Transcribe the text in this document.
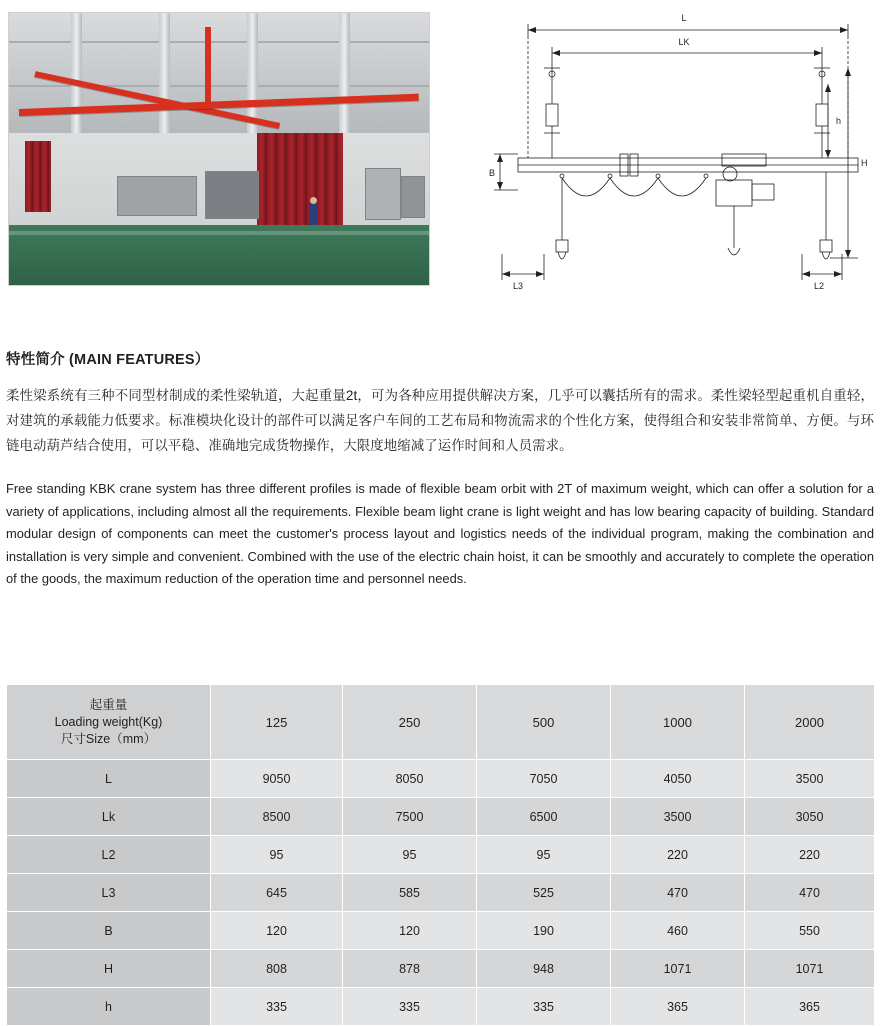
L
LK
H
h
B
L3	L2
特性简介 (MAIN FEATURES）

柔性梁系统有三种不同型材制成的柔性梁轨道，大起重量2t，可为各种应用提供解决方案，几乎可以囊括所有的需求。柔性梁轻型起重机自重轻，对建筑的承载能力低要求。标准模块化设计的部件可以满足客户车间的工艺布局和物流需求的个性化方案，使得组合和安装非常简单、方便。与环链电动葫芦结合使用，可以平稳、准确地完成货物操作，大限度地缩减了运作时间和人员需求。

Free standing KBK crane system has three different profiles is made of flexible beam orbit with 2T of maximum weight, which can offer a solution for a variety of applications, including almost all the requirements. Flexible beam light crane is light weight and has low bearing capacity of building. Standard modular design of components can meet the customer's process layout and logistics needs of the individual program, making the combination and installation is very simple and convenient. Combined with the use of the electric chain hoist, it can be smoothly and accurately to complete the operation of the goods, the maximum reduction of the operation time and personnel needs.

起重量
Loading weight(Kg)
尺寸Size（mm）	125	250	500	1000	2000
L	9050	8050	7050	4050	3500
Lk	8500	7500	6500	3500	3050
L2	95	95	95	220	220
L3	645	585	525	470	470
B	120	120	190	460	550
H	808	878	948	1071	1071
h	335	335	335	365	365
